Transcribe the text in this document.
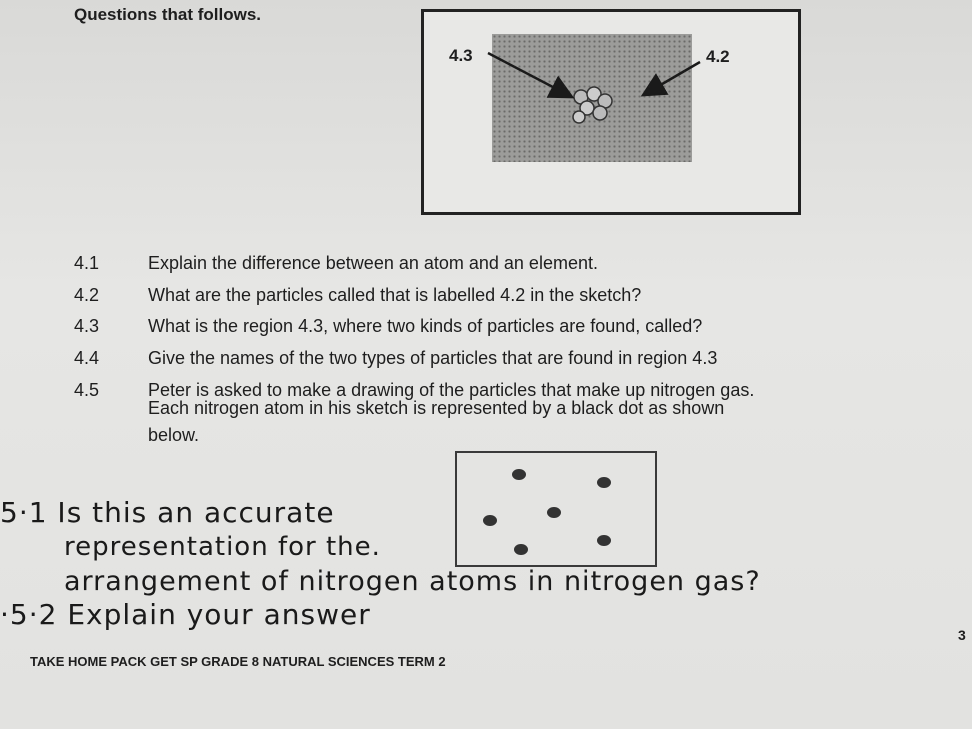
Questions that follows.
4.3	4.2
4.1	Explain the difference between an atom and an element.
4.2	What are the particles called that is labelled 4.2 in the sketch?
4.3	What is the region 4.3, where two kinds of particles are found, called?
4.4	Give the names of the two types of particles that are found in region 4.3
4.5	Peter is asked to make a drawing of the particles that make up nitrogen gas.
Each nitrogen atom in his sketch is represented by a black dot as shown
below.
5·1 Is this an accurate
representation for the.
arrangement of nitrogen atoms in nitrogen gas?
·5·2 Explain your answer
TAKE HOME PACK GET SP GRADE 8 NATURAL SCIENCES TERM 2
3
